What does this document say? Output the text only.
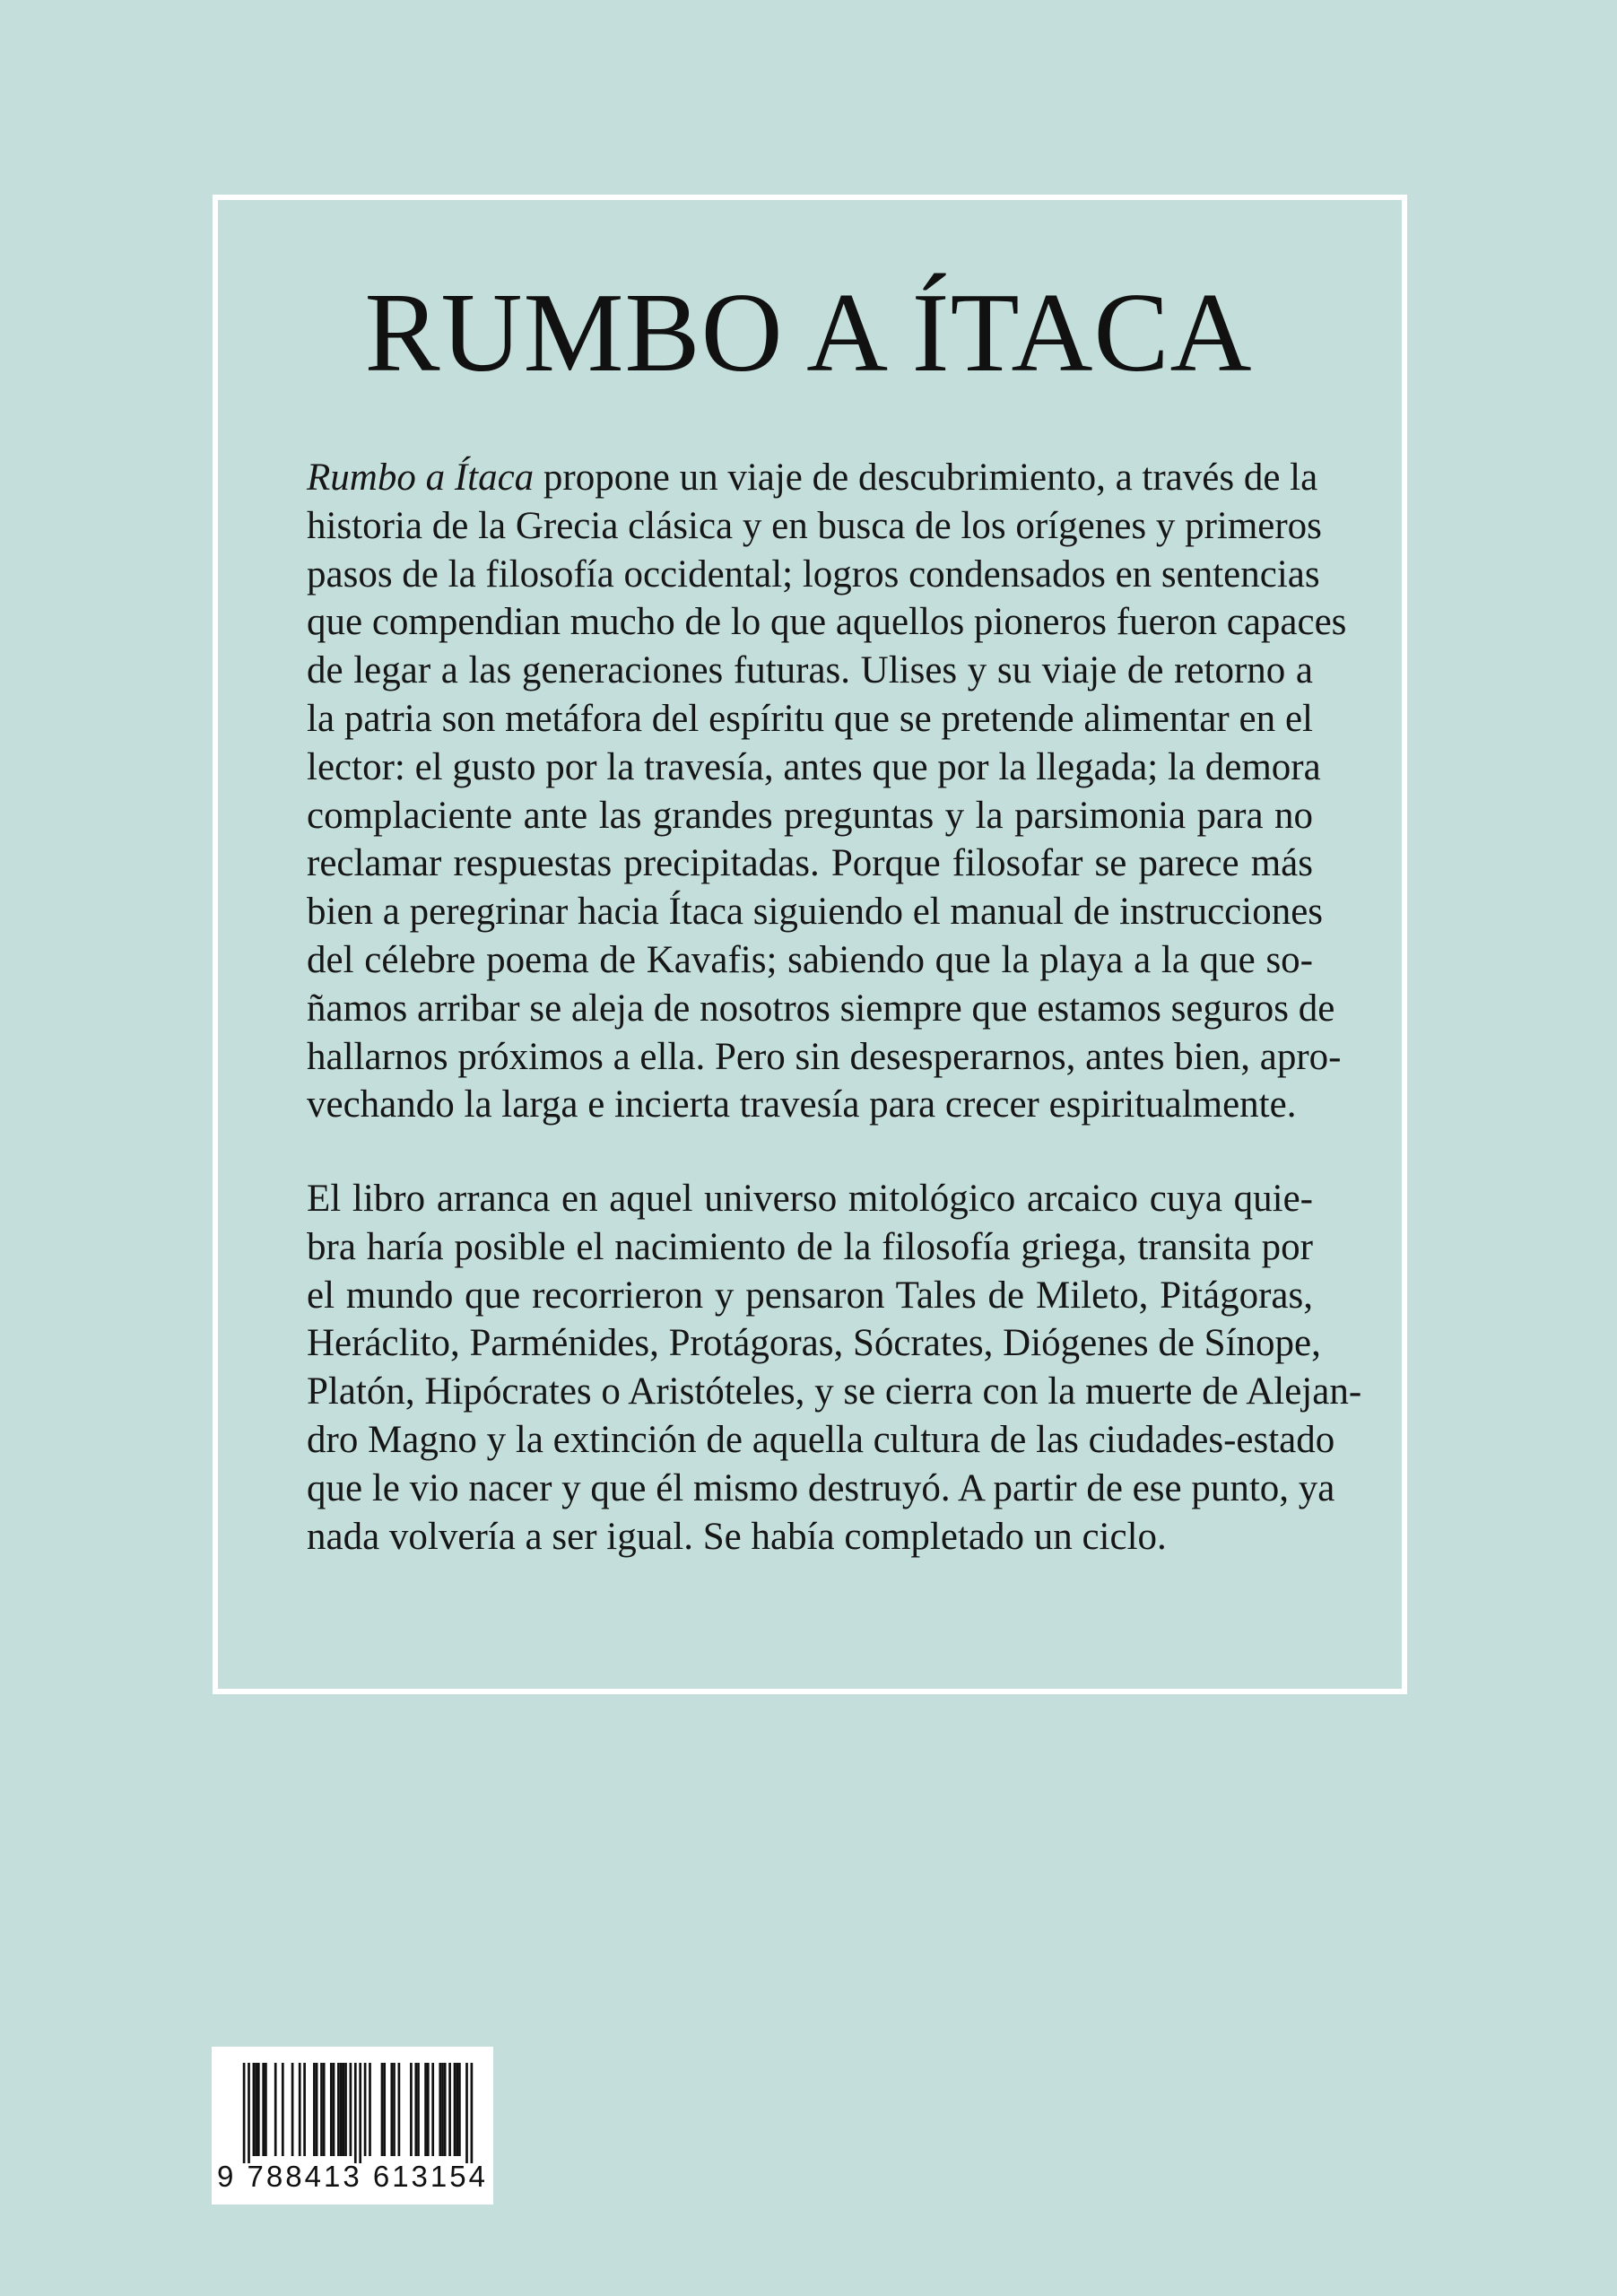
RUMBO A ÍTACA
Rumbo a Ítaca propone un viaje de descubrimiento, a través de la
historia de la Grecia clásica y en busca de los orígenes y primeros
pasos de la filosofía occidental; logros condensados en sentencias
que compendian mucho de lo que aquellos pioneros fueron capaces
de legar a las generaciones futuras. Ulises y su viaje de retorno a
la patria son metáfora del espíritu que se pretende alimentar en el
lector: el gusto por la travesía, antes que por la llegada; la demora
complaciente ante las grandes preguntas y la parsimonia para no
reclamar respuestas precipitadas. Porque filosofar se parece más
bien a peregrinar hacia Ítaca siguiendo el manual de instrucciones
del célebre poema de Kavafis; sabiendo que la playa a la que so-
ñamos arribar se aleja de nosotros siempre que estamos seguros de
hallarnos próximos a ella. Pero sin desesperarnos, antes bien, apro-
vechando la larga e incierta travesía para crecer espiritualmente.
El libro arranca en aquel universo mitológico arcaico cuya quie-
bra haría posible el nacimiento de la filosofía griega, transita por
el mundo que recorrieron y pensaron Tales de Mileto, Pitágoras,
Heráclito, Parménides, Protágoras, Sócrates, Diógenes de Sínope,
Platón, Hipócrates o Aristóteles, y se cierra con la muerte de Alejan-
dro Magno y la extinción de aquella cultura de las ciudades-estado
que le vio nacer y que él mismo destruyó. A partir de ese punto, ya
nada volvería a ser igual. Se había completado un ciclo.
9 788413 613154
